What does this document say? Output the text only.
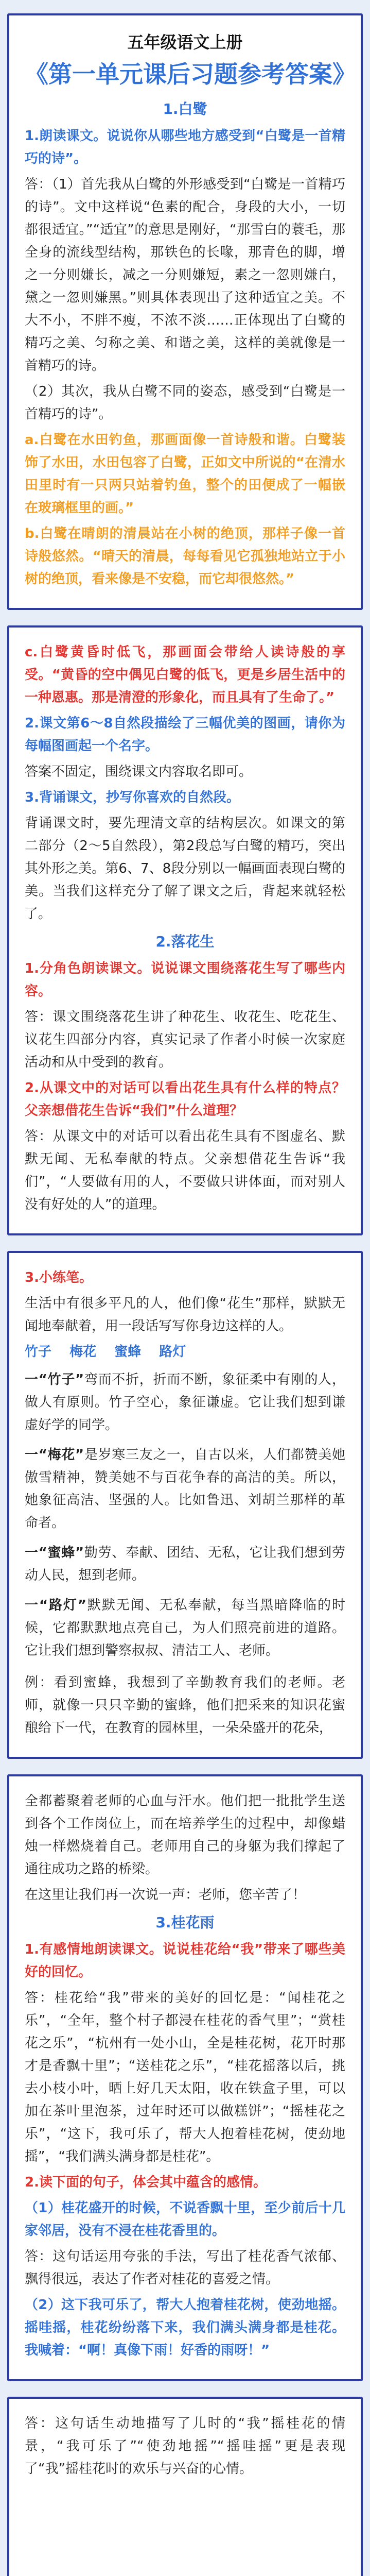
五年级语文上册
《第一单元课后习题参考答案》
1.白鹭

1.朗读课文。说说你从哪些地方感受到“白鹭是一首精巧的诗”。

答：（1）首先我从白鹭的外形感受到“白鹭是一首精巧的诗”。文中这样说“色素的配合，身段的大小，一切都很适宜。”“适宜”的意思是刚好，“那雪白的蓑毛，那全身的流线型结构，那铁色的长喙，那青色的脚，增之一分则嫌长，减之一分则嫌短，素之一忽则嫌白，黛之一忽则嫌黑。”则具体表现出了这种适宜之美。不大不小，不胖不瘦，不浓不淡……正体现出了白鹭的精巧之美、匀称之美、和谐之美，这样的美就像是一首精巧的诗。

（2）其次，我从白鹭不同的姿态，感受到“白鹭是一首精巧的诗”。

a.白鹭在水田钓鱼，那画面像一首诗般和谐。白鹭装饰了水田，水田包容了白鹭，正如文中所说的“在清水田里时有一只两只站着钓鱼，整个的田便成了一幅嵌在玻璃框里的画。”

b.白鹭在晴朗的清晨站在小树的绝顶，那样子像一首诗般悠然。“晴天的清晨，每每看见它孤独地站立于小树的绝顶，看来像是不安稳，而它却很悠然。”

c.白鹭黄昏时低飞，那画面会带给人读诗般的享受。“黄昏的空中偶见白鹭的低飞，更是乡居生活中的一种恩惠。那是清澄的形象化，而且具有了生命了。”

2.课文第6～8自然段描绘了三幅优美的图画，请你为每幅图画起一个名字。

答案不固定，围绕课文内容取名即可。

3.背诵课文，抄写你喜欢的自然段。

背诵课文时，要先理清文章的结构层次。如课文的第二部分（2～5自然段），第2段总写白鹭的精巧，突出其外形之美。第6、7、8段分别以一幅画面表现白鹭的美。当我们这样充分了解了课文之后，背起来就轻松了。

2.落花生

1.分角色朗读课文。说说课文围绕落花生写了哪些内容。

答：课文围绕落花生讲了种花生、收花生、吃花生、议花生四部分内容，真实记录了作者小时候一次家庭活动和从中受到的教育。

2.从课文中的对话可以看出花生具有什么样的特点？父亲想借花生告诉“我们”什么道理？

答：从课文中的对话可以看出花生具有不图虚名、默默无闻、无私奉献的特点。父亲想借花生告诉“我们”，“人要做有用的人，不要做只讲体面，而对别人没有好处的人”的道理。

3.小练笔。

生活中有很多平凡的人，他们像“花生”那样，默默无闻地奉献着，用一段话写写你身边这样的人。

竹子 梅花 蜜蜂 路灯

一“竹子”弯而不折，折而不断，象征柔中有刚的人，做人有原则。竹子空心，象征谦虚。它让我们想到谦虚好学的同学。

一“梅花”是岁寒三友之一，自古以来，人们都赞美她傲雪精神，赞美她不与百花争春的高洁的美。所以，她象征高洁、坚强的人。比如鲁迅、刘胡兰那样的革命者。

一“蜜蜂”勤劳、奉献、团结、无私，它让我们想到劳动人民，想到老师。

一“路灯”默默无闻、无私奉献，每当黑暗降临的时候，它都默默地点亮自己，为人们照亮前进的道路。它让我们想到警察叔叔、清洁工人、老师。

例：看到蜜蜂，我想到了辛勤教育我们的老师。老师，就像一只只辛勤的蜜蜂，他们把采来的知识花蜜酿给下一代，在教育的园林里，一朵朵盛开的花朵，

全都蓄聚着老师的心血与汗水。他们把一批批学生送到各个工作岗位上，而在培养学生的过程中，却像蜡烛一样燃烧着自己。老师用自己的身躯为我们撑起了通往成功之路的桥梁。

在这里让我们再一次说一声：老师，您辛苦了！

3.桂花雨

1.有感情地朗读课文。说说桂花给“我”带来了哪些美好的回忆。

答：桂花给“我”带来的美好的回忆是：“闻桂花之乐”，“全年，整个村子都浸在桂花的香气里”；“赏桂花之乐”，“杭州有一处小山，全是桂花树，花开时那才是香飘十里”；“送桂花之乐”，“桂花摇落以后，挑去小枝小叶，晒上好几天太阳，收在铁盒子里，可以加在茶叶里泡茶，过年时还可以做糕饼”；“摇桂花之乐”，“这下，我可乐了，帮大人抱着桂花树，使劲地摇”，“我们满头满身都是桂花”。

2.读下面的句子，体会其中蕴含的感情。

（1）桂花盛开的时候，不说香飘十里，至少前后十几家邻居，没有不浸在桂花香里的。

答：这句话运用夸张的手法，写出了桂花香气浓郁、飘得很远，表达了作者对桂花的喜爱之情。

（2）这下我可乐了，帮大人抱着桂花树，使劲地摇。摇哇摇，桂花纷纷落下来，我们满头满身都是桂花。我喊着：“啊！真像下雨！好香的雨呀！”

答：这句话生动地描写了儿时的“我”摇桂花的情景，“我可乐了”“使劲地摇”“摇哇摇”更是表现了“我”摇桂花时的欢乐与兴奋的心情。
